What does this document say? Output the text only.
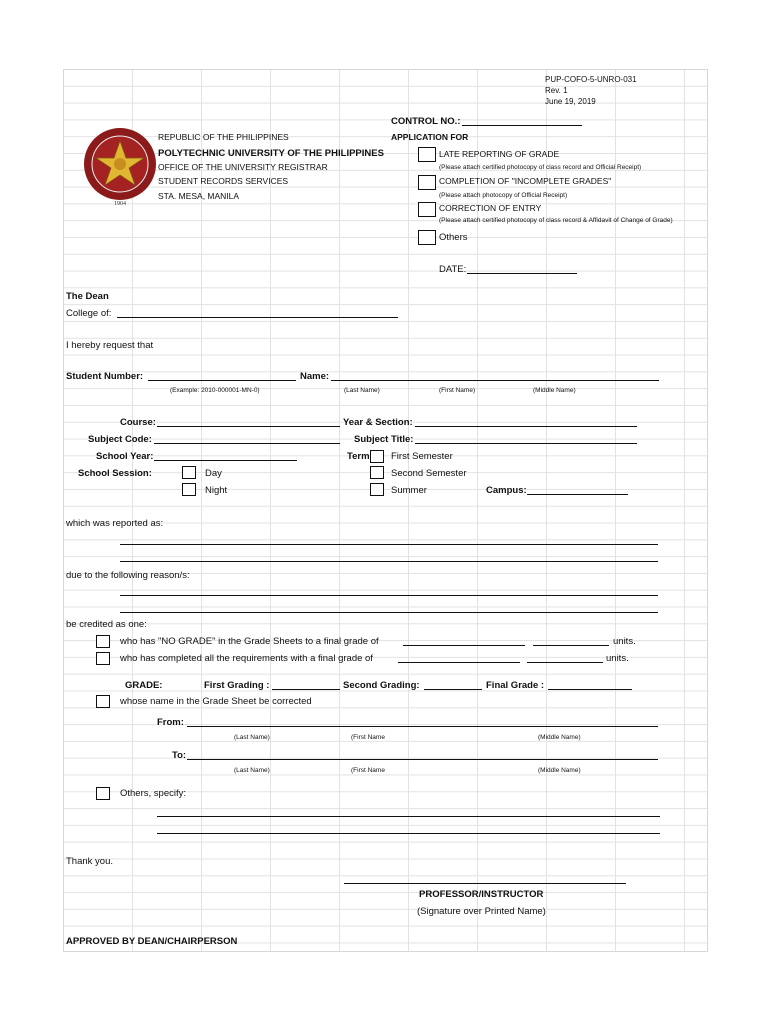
PUP-COFO-5-UNRO-031
Rev. 1
June 19, 2019
CONTROL NO.:
1904
REPUBLIC OF THE PHILIPPINES
POLYTECHNIC UNIVERSITY OF THE PHILIPPINES
OFFICE OF THE UNIVERSITY REGISTRAR
STUDENT RECORDS SERVICES
STA. MESA, MANILA
APPLICATION FOR
LATE REPORTING OF GRADE
(Please attach certified photocopy of class record and Official Receipt)
COMPLETION OF "INCOMPLETE GRADES"
(Please attach photocopy of Official Receipt)
CORRECTION OF ENTRY
(Please attach certified photocopy of class record & Affidavit of Change of Grade)
Others
DATE:
The Dean
College of:
I hereby request that
Student Number:	Name:
(Example: 2010-000001-MN-0)	(Last Name)	(First Name)	(Middle Name)
Course:	Year & Section:
Subject Code:	Subject Title:
School Year:	Term First Semester
School Session:	Day	Second Semester
Night	Summer	Campus:
which was reported as:
due to the following reason/s:
be credited as one:
who has "NO GRADE" in the Grade Sheets to a final grade of	units.
who has completed all the requirements with a final grade of	units.
GRADE:	First Grading :	Second Grading:	Final Grade :
whose name in the Grade Sheet be corrected
From:
(Last Name)	(First Name	(Middle Name)
To:
(Last Name)	(First Name	(Middle Name)
Others, specify:
Thank you.
PROFESSOR/INSTRUCTOR
(Signature over Printed Name)
APPROVED BY DEAN/CHAIRPERSON
